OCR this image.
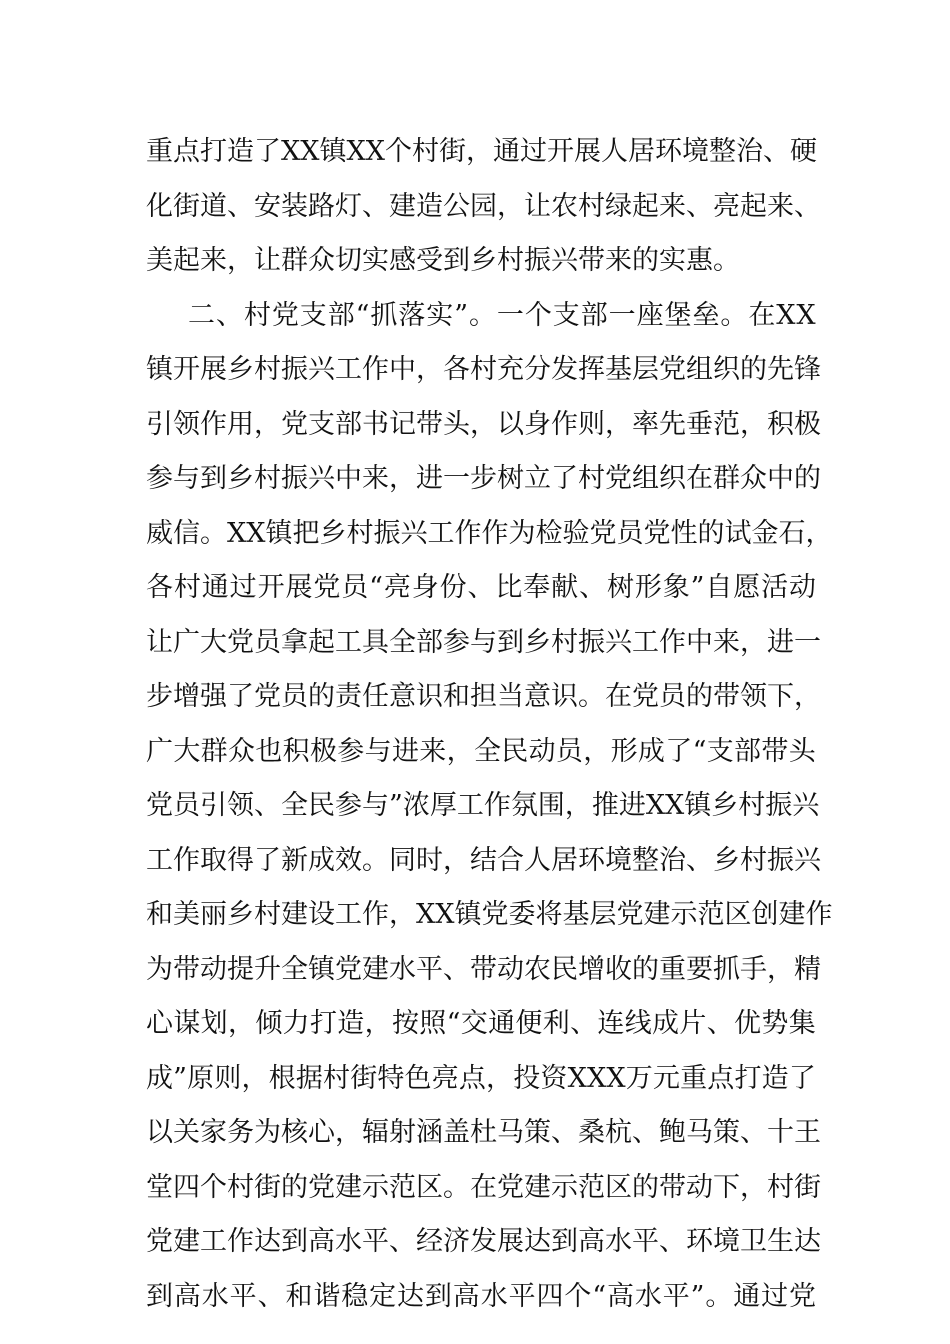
重 点 打 造 了 X X 镇 X X 个 村 街 ， 通 过 开 展 人 居 环 境 整 治 、 硬
化 街 道 、 安 装 路 灯 、 建 造 公 园 ， 让 农 村 绿 起 来 、 亮 起 来 、
美起来，让群众切实感受到乡村振兴带来的实惠。
二 、 村 党 支 部 “ 抓 落 实 ” 。 一 个 支 部 一 座 堡 垒 。 在 X X
镇 开 展 乡 村 振 兴 工 作 中 ， 各 村 充 分 发 挥 基 层 党 组 织 的 先 锋
引 领 作 用 ， 党 支 部 书 记 带 头 ， 以 身 作 则 ， 率 先 垂 范 ， 积 极
参 与 到 乡 村 振 兴 中 来 ， 进 一 步 树 立 了 村 党 组 织 在 群 众 中 的
威 信 。 X X 镇 把 乡 村 振 兴 工 作 作 为 检 验 党 员 党 性 的 试 金 石 ，
各 村 通 过 开 展 党 员 “ 亮 身 份 、 比 奉 献 、 树 形 象 ” 自 愿 活 动
让 广 大 党 员 拿 起 工 具 全 部 参 与 到 乡 村 振 兴 工 作 中 来 ， 进 一
步 增 强 了 党 员 的 责 任 意 识 和 担 当 意 识 。 在 党 员 的 带 领 下 ，
广 大 群 众 也 积 极 参 与 进 来 ， 全 民 动 员 ， 形 成 了 “ 支 部 带 头
党 员 引 领 、 全 民 参 与 ” 浓 厚 工 作 氛 围 ， 推 进 X X 镇 乡 村 振 兴
工 作 取 得 了 新 成 效 。 同 时 ， 结 合 人 居 环 境 整 治 、 乡 村 振 兴
和 美 丽 乡 村 建 设 工 作 ， X X 镇 党 委 将 基 层 党 建 示 范 区 创 建 作
为 带 动 提 升 全 镇 党 建 水 平 、 带 动 农 民 增 收 的 重 要 抓 手 ， 精
心 谋 划 ， 倾 力 打 造 ， 按 照 “ 交 通 便 利 、 连 线 成 片 、 优 势 集
成 ” 原 则 ， 根 据 村 街 特 色 亮 点 ， 投 资 X X X 万 元 重 点 打 造 了
以 关 家 务 为 核 心 ， 辐 射 涵 盖 杜 马 策 、 桑 杭 、 鲍 马 策 、 十 王
堂 四 个 村 街 的 党 建 示 范 区 。 在 党 建 示 范 区 的 带 动 下 ， 村 街
党 建 工 作 达 到 高 水 平 、 经 济 发 展 达 到 高 水 平 、 环 境 卫 生 达
到 高 水 平 、 和 谐 稳 定 达 到 高 水 平 四 个 “ 高 水 平 ” 。 通 过 党
